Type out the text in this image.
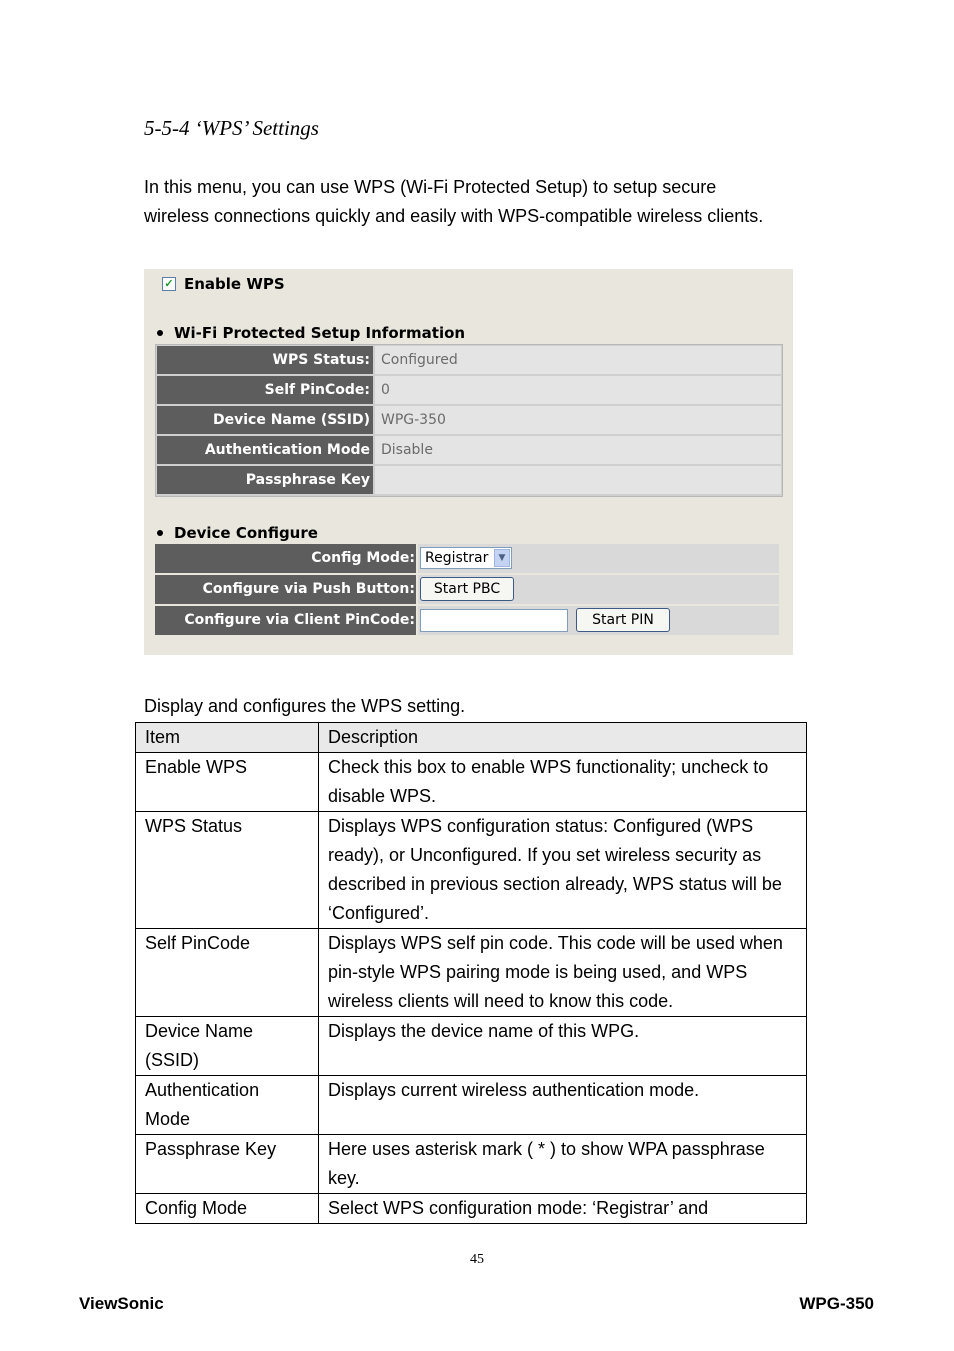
5-5-4 ‘WPS’ Settings
In this menu, you can use WPS (Wi-Fi Protected Setup) to setup secure
wireless connections quickly and easily with WPS-compatible wireless clients.
✓ Enable WPS
Wi-Fi Protected Setup Information
WPS Status: Configured
Self PinCode: 0
Device Name (SSID) WPG-350
Authentication Mode Disable
Passphrase Key
Device Configure
Config Mode: Registrar	▼
Configure via Push Button:	Start PBC
Configure via Client PinCode:	Start PIN
Display and configures the WPS setting.
Item	Description
Enable WPS	Check this box to enable WPS functionality; uncheck to disable WPS.
WPS Status	Displays WPS configuration status: Configured (WPS ready), or Unconfigured. If you set wireless security as described in previous section already, WPS status will be ‘Configured’.
Self PinCode	Displays WPS self pin code. This code will be used when pin-style WPS pairing mode is being used, and WPS wireless clients will need to know this code.
Device Name (SSID)	Displays the device name of this WPG.
Authentication Mode	Displays current wireless authentication mode.
Passphrase Key	Here uses asterisk mark ( * ) to show WPA passphrase key.
Config Mode	Select WPS configuration mode: ‘Registrar’ and
45
ViewSonic	WPG-350
